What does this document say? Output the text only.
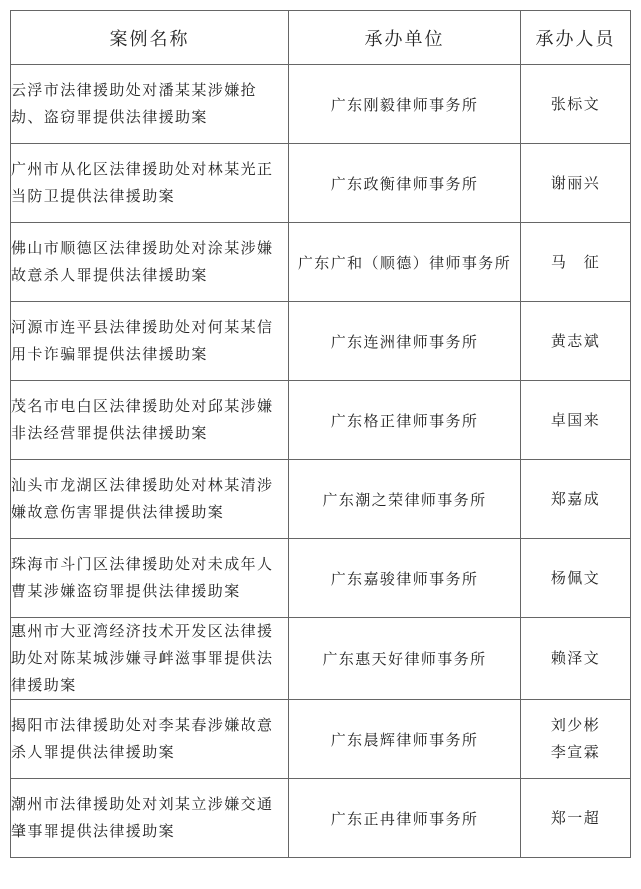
案例名称	承办单位	承办人员
云浮市法律援助处对潘某某涉嫌抢劫、盗窃罪提供法律援助案	广东刚毅律师事务所	张标文

广州市从化区法律援助处对林某光正当防卫提供法律援助案	广东政衡律师事务所	谢丽兴

佛山市顺德区法律援助处对涂某涉嫌故意杀人罪提供法律援助案	广东广和（顺德）律师事务所	马　征

河源市连平县法律援助处对何某某信用卡诈骗罪提供法律援助案	广东连洲律师事务所	黄志斌

茂名市电白区法律援助处对邱某涉嫌非法经营罪提供法律援助案	广东格正律师事务所	卓国来

汕头市龙湖区法律援助处对林某清涉嫌故意伤害罪提供法律援助案	广东潮之荣律师事务所	郑嘉成

珠海市斗门区法律援助处对未成年人曹某涉嫌盗窃罪提供法律援助案	广东嘉骏律师事务所	杨佩文

惠州市大亚湾经济技术开发区法律援助处对陈某城涉嫌寻衅滋事罪提供法律援助案	广东惠天好律师事务所	赖泽文

揭阳市法律援助处对李某春涉嫌故意杀人罪提供法律援助案	广东晨辉律师事务所	刘少彬
李宣霖

潮州市法律援助处对刘某立涉嫌交通肇事罪提供法律援助案	广东正冉律师事务所	郑一超
